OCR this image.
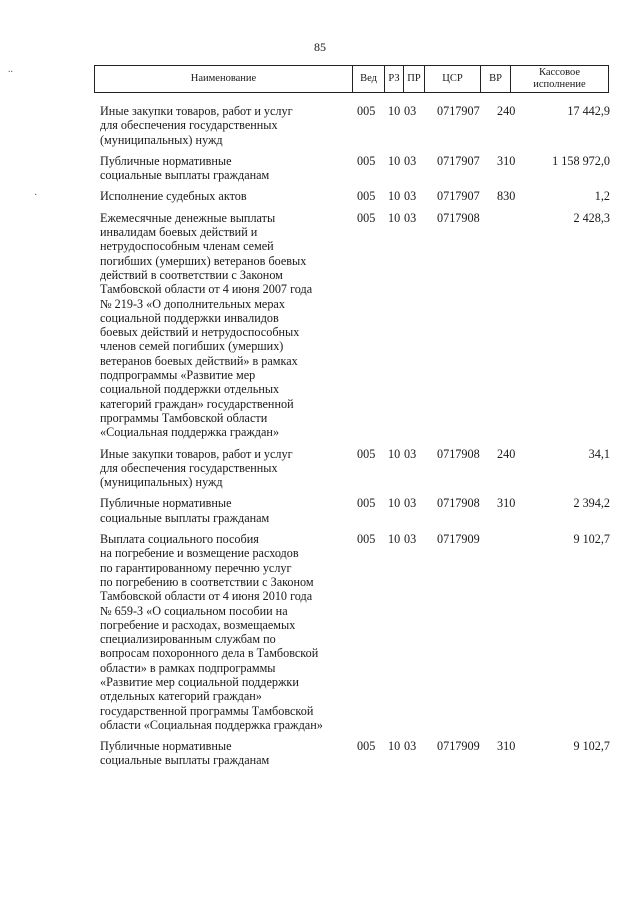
85
..
·
Наименование	Вед	РЗ	ПР	ЦСР	ВР	Кассовое
исполнение
Иные закупки товаров, работ и услуг
для обеспечения государственных
(муниципальных) нужд
005 10 03 0717907 240	17 442,9
Публичные нормативные
социальные выплаты гражданам
005 10 03 0717907 310	1 158 972,0
Исполнение судебных актов	005 10 03 0717907 830	1,2
Ежемесячные денежные выплаты
инвалидам боевых действий и
нетрудоспособным членам семей
погибших (умерших) ветеранов боевых
действий в соответствии с Законом
Тамбовской области от 4 июня 2007 года
№ 219-З «О дополнительных мерах
социальной поддержки инвалидов
боевых действий и нетрудоспособных
членов семей погибших (умерших)
ветеранов боевых действий» в рамках
подпрограммы «Развитие мер
социальной поддержки отдельных
категорий граждан» государственной
программы Тамбовской области
«Социальная поддержка граждан»
005 10 03 0717908	2 428,3
Иные закупки товаров, работ и услуг
для обеспечения государственных
(муниципальных) нужд
005 10 03 0717908 240	34,1
Публичные нормативные
социальные выплаты гражданам
005 10 03 0717908 310	2 394,2
Выплата социального пособия
на погребение и возмещение расходов
по гарантированному перечню услуг
по погребению в соответствии с Законом
Тамбовской области от 4 июня 2010 года
№ 659-З «О социальном пособии на
погребение и расходах, возмещаемых
специализированным службам по
вопросам похоронного дела в Тамбовской
области» в рамках подпрограммы
«Развитие мер социальной поддержки
отдельных категорий граждан»
государственной программы Тамбовской
области «Социальная поддержка граждан»
005 10 03 0717909	9 102,7
Публичные нормативные
социальные выплаты гражданам
005 10 03 0717909 310	9 102,7
